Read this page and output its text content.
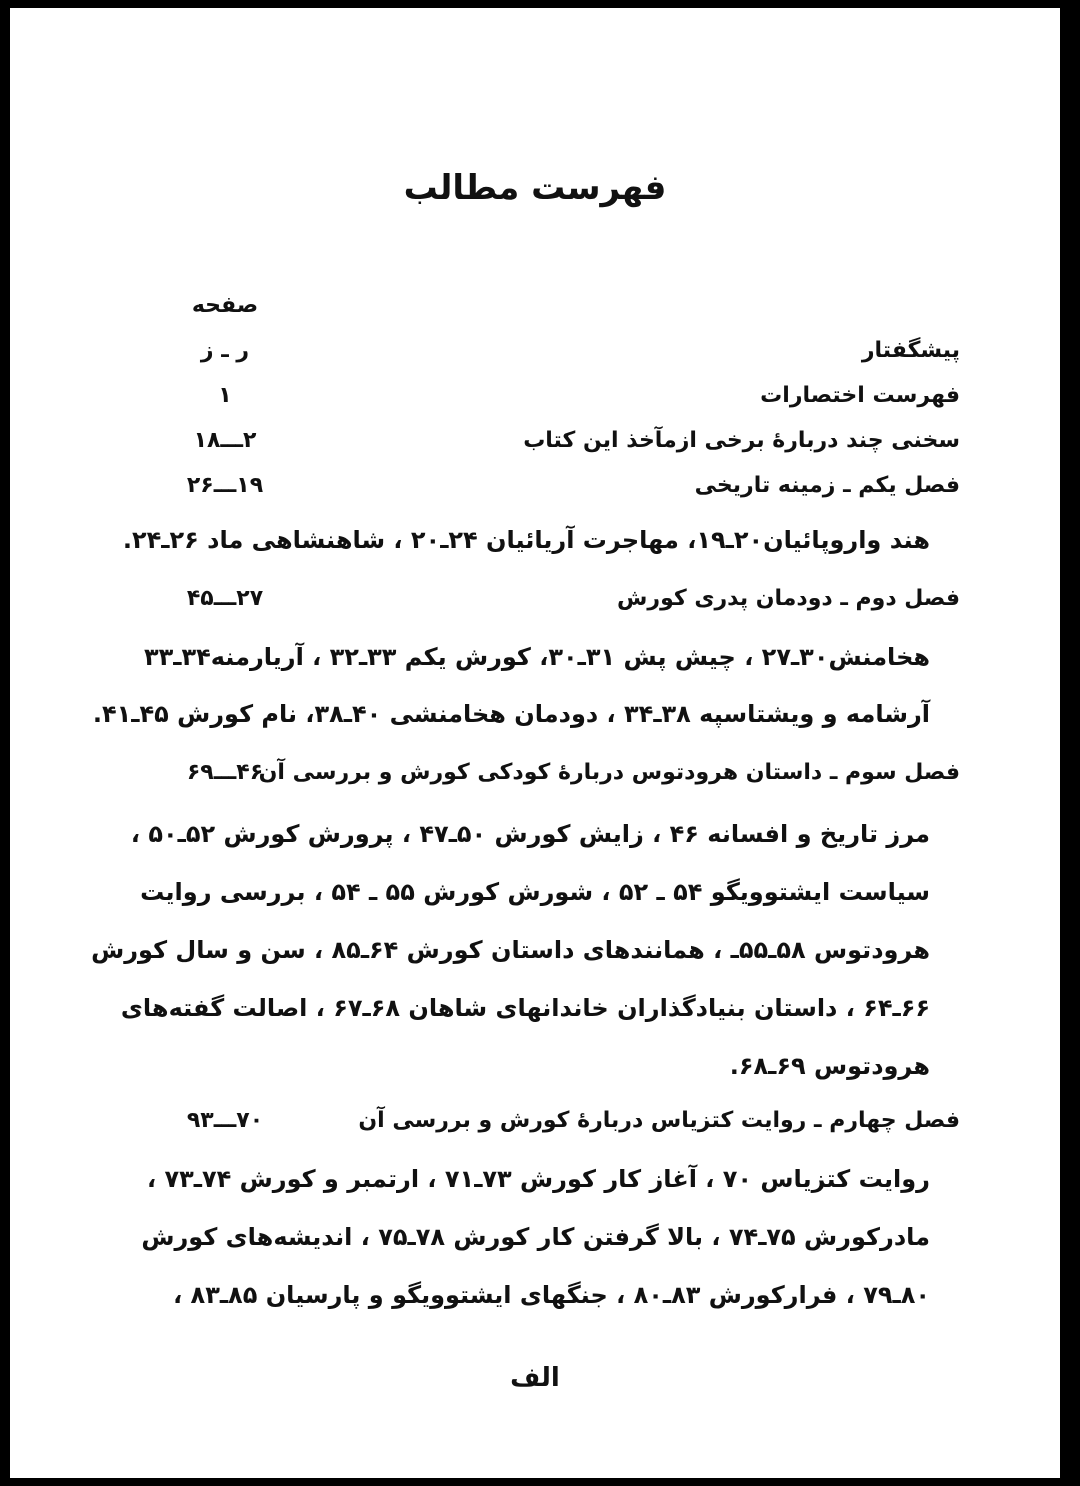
فهرست مطالب
صفحه
پیشگفتار
ر ـ ز
فهرست اختصارات
۱
سخنی چند دربارهٔ برخی ازمآخذ این کتاب
۲ـــ۱۸
فصل یکم ـ زمینه تاریخی
۱۹ـــ۲۶
هند واروپائیان۲۰ـ۱۹، مهاجرت آریائیان ۲۴ـ۲۰ ، شاهنشاهی ماد ۲۶ـ۲۴.
فصل دوم ـ دودمان پدری کورش
۲۷ـــ۴۵
هخامنش۳۰ـ۲۷ ، چیش پش ۳۱ـ۳۰، کورش یکم ۳۳ـ۳۲ ، آریارمنه۳۴ـ۳۳
آرشامه و ویشتاسپه ۳۸ـ۳۴ ، دودمان هخامنشی ۴۰ـ۳۸، نام کورش ۴۵ـ۴۱.
فصل سوم ـ داستان هرودتوس دربارهٔ کودکی کورش و بررسی آن
۴۶ـــ۶۹
مرز تاریخ و افسانه ۴۶ ، زایش کورش ۵۰ـ۴۷ ، پرورش کورش ۵۲ـ۵۰ ،
سیاست ایشتوویگو ۵۴ ـ ۵۲ ، شورش کورش ۵۵ ـ ۵۴ ، بررسی روایت
هرودتوس ۵۸ـ۵۵ـ ، همانندهای داستان کورش ۶۴ـ۸۵ ، سن و سال کورش
۶۶ـ۶۴ ، داستان بنیادگذاران خاندانهای شاهان ۶۸ـ۶۷ ، اصالت گفته‌های
هرودتوس ۶۹ـ۶۸.
فصل چهارم ـ روایت کتزیاس دربارهٔ کورش و بررسی آن
۷۰ـــ۹۳
روایت کتزیاس ۷۰ ، آغاز کار کورش ۷۳ـ۷۱ ، ارتمبر و کورش ۷۴ـ۷۳ ،
مادرکورش ۷۵ـ۷۴ ، بالا گرفتن کار کورش ۷۸ـ۷۵ ، اندیشه‌های کورش
۸۰ـ۷۹ ، فرارکورش ۸۳ـ۸۰ ، جنگهای ایشتوویگو و پارسیان ۸۵ـ۸۳ ،
الف
